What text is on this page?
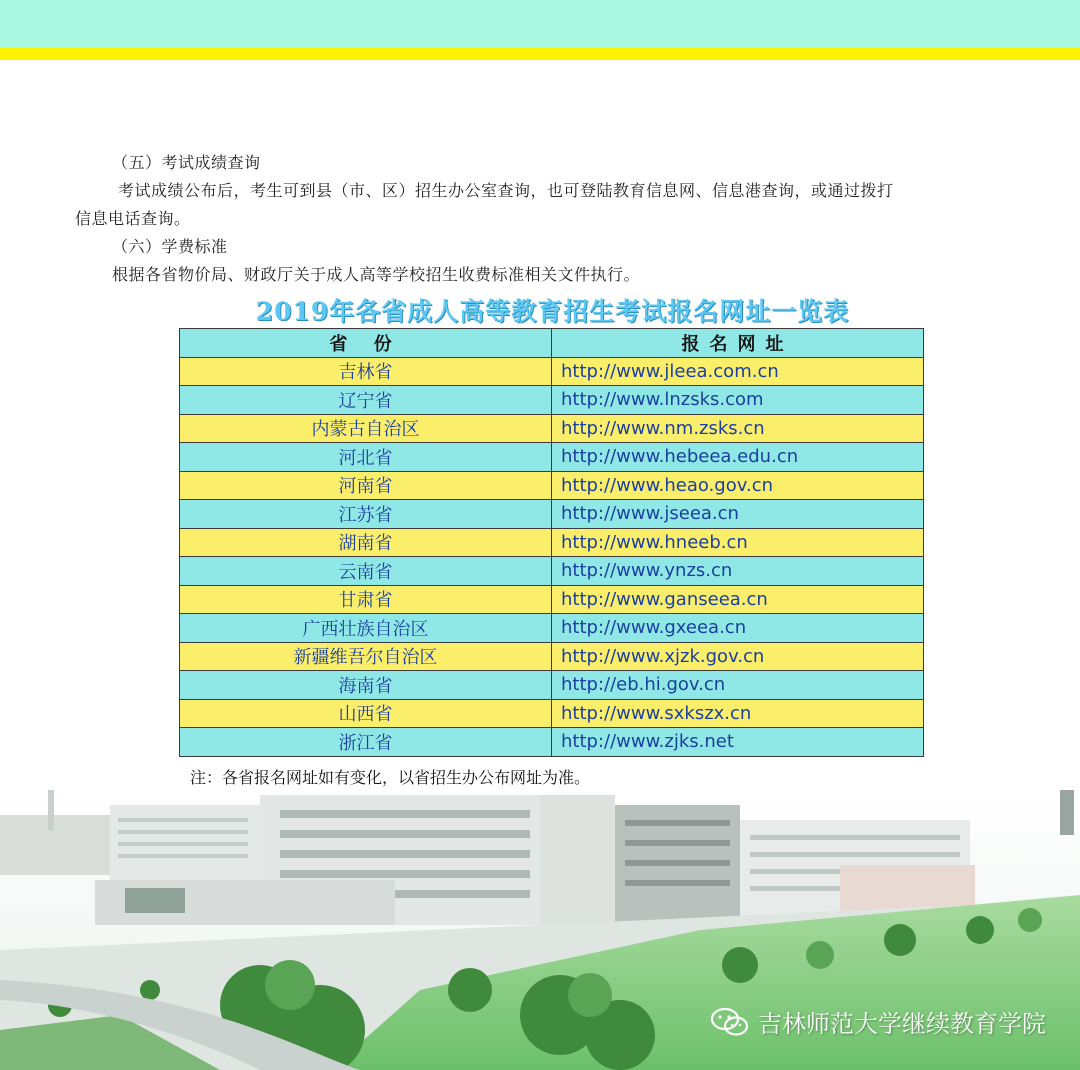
（五）考试成绩查询
考试成绩公布后，考生可到县（市、区）招生办公室查询，也可登陆教育信息网、信息港查询，或通过拨打
信息电话查询。
（六）学费标准
根据各省物价局、财政厅关于成人高等学校招生收费标准相关文件执行。
2019年各省成人高等教育招生考试报名网址一览表
省 份	报名网址
吉林省	http://www.jleea.com.cn
辽宁省	http://www.lnzsks.com
内蒙古自治区	http://www.nm.zsks.cn
河北省	http://www.hebeea.edu.cn
河南省	http://www.heao.gov.cn
江苏省	http://www.jseea.cn
湖南省	http://www.hneeb.cn
云南省	http://www.ynzs.cn
甘肃省	http://www.ganseea.cn
广西壮族自治区	http://www.gxeea.cn
新疆维吾尔自治区	http://www.xjzk.gov.cn
海南省	http://eb.hi.gov.cn
山西省	http://www.sxkszx.cn
浙江省	http://www.zjks.net
注：各省报名网址如有变化，以省招生办公布网址为准。
吉林师范大学继续教育学院
